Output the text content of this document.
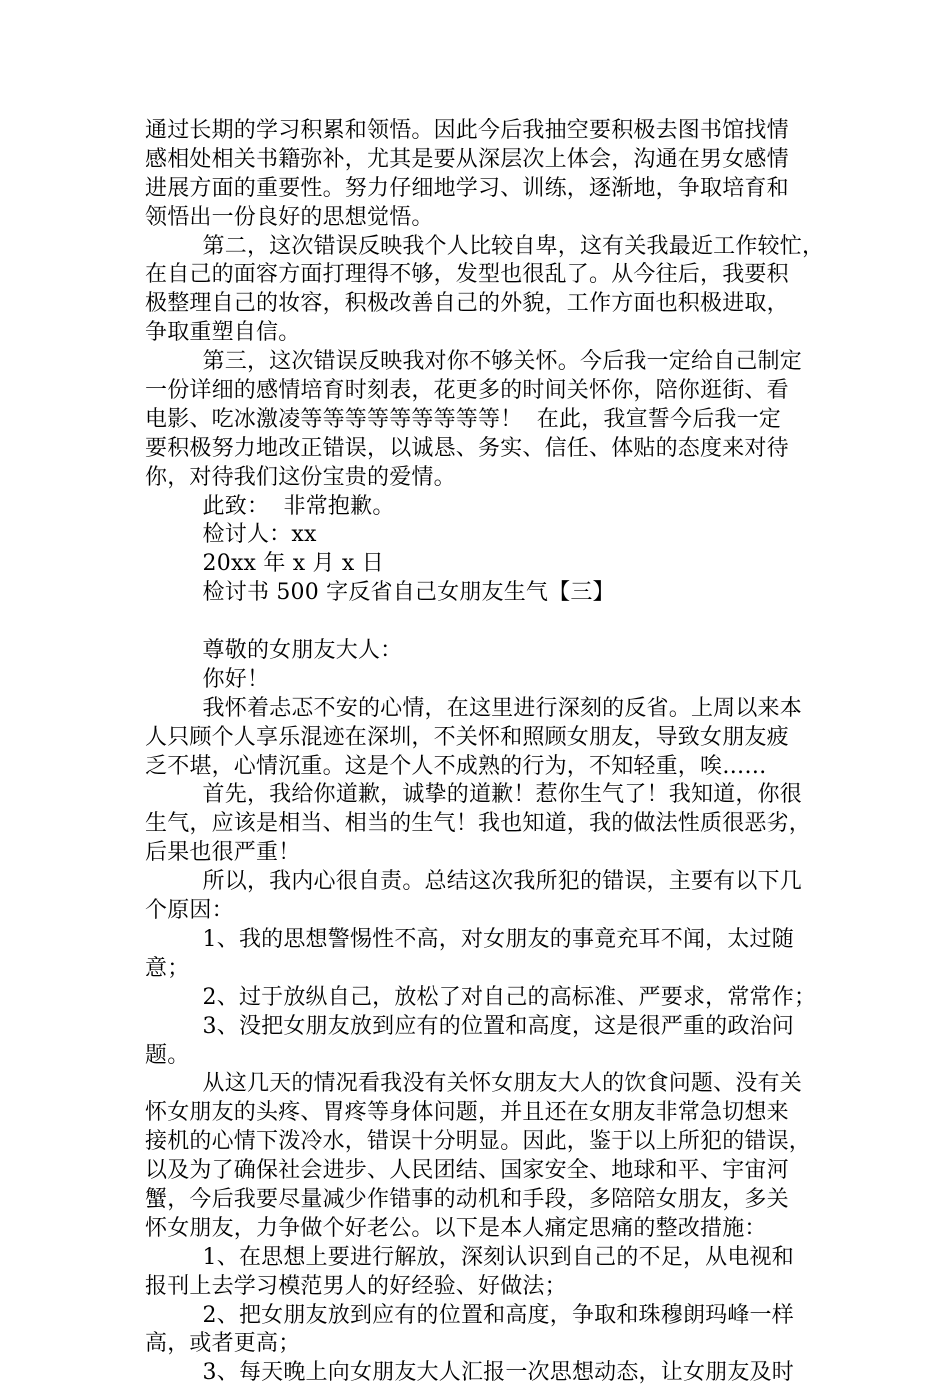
通过长期的学习积累和领悟。因此今后我抽空要积极去图书馆找情
感相处相关书籍弥补，尤其是要从深层次上体会，沟通在男女感情
进展方面的重要性。努力仔细地学习、训练，逐渐地，争取培育和
领悟出一份良好的思想觉悟。
第二，这次错误反映我个人比较自卑，这有关我最近工作较忙，
在自己的面容方面打理得不够，发型也很乱了。从今往后，我要积
极整理自己的妆容，积极改善自己的外貌，工作方面也积极进取，
争取重塑自信。
第三，这次错误反映我对你不够关怀。今后我一定给自己制定
一份详细的感情培育时刻表，花更多的时间关怀你，陪你逛街、看
电影、吃冰激凌等等等等等等等等等！  在此，我宣誓今后我一定
要积极努力地改正错误，以诚恳、务实、信任、体贴的态度来对待
你，对待我们这份宝贵的爱情。
此致：  非常抱歉。
检讨人：xx
20xx 年 x 月 x 日
检讨书 500 字反省自己女朋友生气【三】
尊敬的女朋友大人：
你好！
我怀着忐忑不安的心情，在这里进行深刻的反省。上周以来本
人只顾个人享乐混迹在深圳，不关怀和照顾女朋友，导致女朋友疲
乏不堪，心情沉重。这是个人不成熟的行为，不知轻重，唉……
首先，我给你道歉，诚挚的道歉！惹你生气了！我知道，你很
生气，应该是相当、相当的生气！我也知道，我的做法性质很恶劣，
后果也很严重！
所以，我内心很自责。总结这次我所犯的错误，主要有以下几
个原因：
1、我的思想警惕性不高，对女朋友的事竟充耳不闻，太过随
意；
2、过于放纵自己，放松了对自己的高标准、严要求，常常作；
3、没把女朋友放到应有的位置和高度，这是很严重的政治问
题。
从这几天的情况看我没有关怀女朋友大人的饮食问题、没有关
怀女朋友的头疼、胃疼等身体问题，并且还在女朋友非常急切想来
接机的心情下泼冷水，错误十分明显。因此，鉴于以上所犯的错误，
以及为了确保社会进步、人民团结、国家安全、地球和平、宇宙河
蟹，今后我要尽量减少作错事的动机和手段，多陪陪女朋友，多关
怀女朋友，力争做个好老公。以下是本人痛定思痛的整改措施：
1、在思想上要进行解放，深刻认识到自己的不足，从电视和
报刊上去学习模范男人的好经验、好做法；
2、把女朋友放到应有的位置和高度，争取和珠穆朗玛峰一样
高，或者更高；
3、每天晚上向女朋友大人汇报一次思想动态，让女朋友及时
